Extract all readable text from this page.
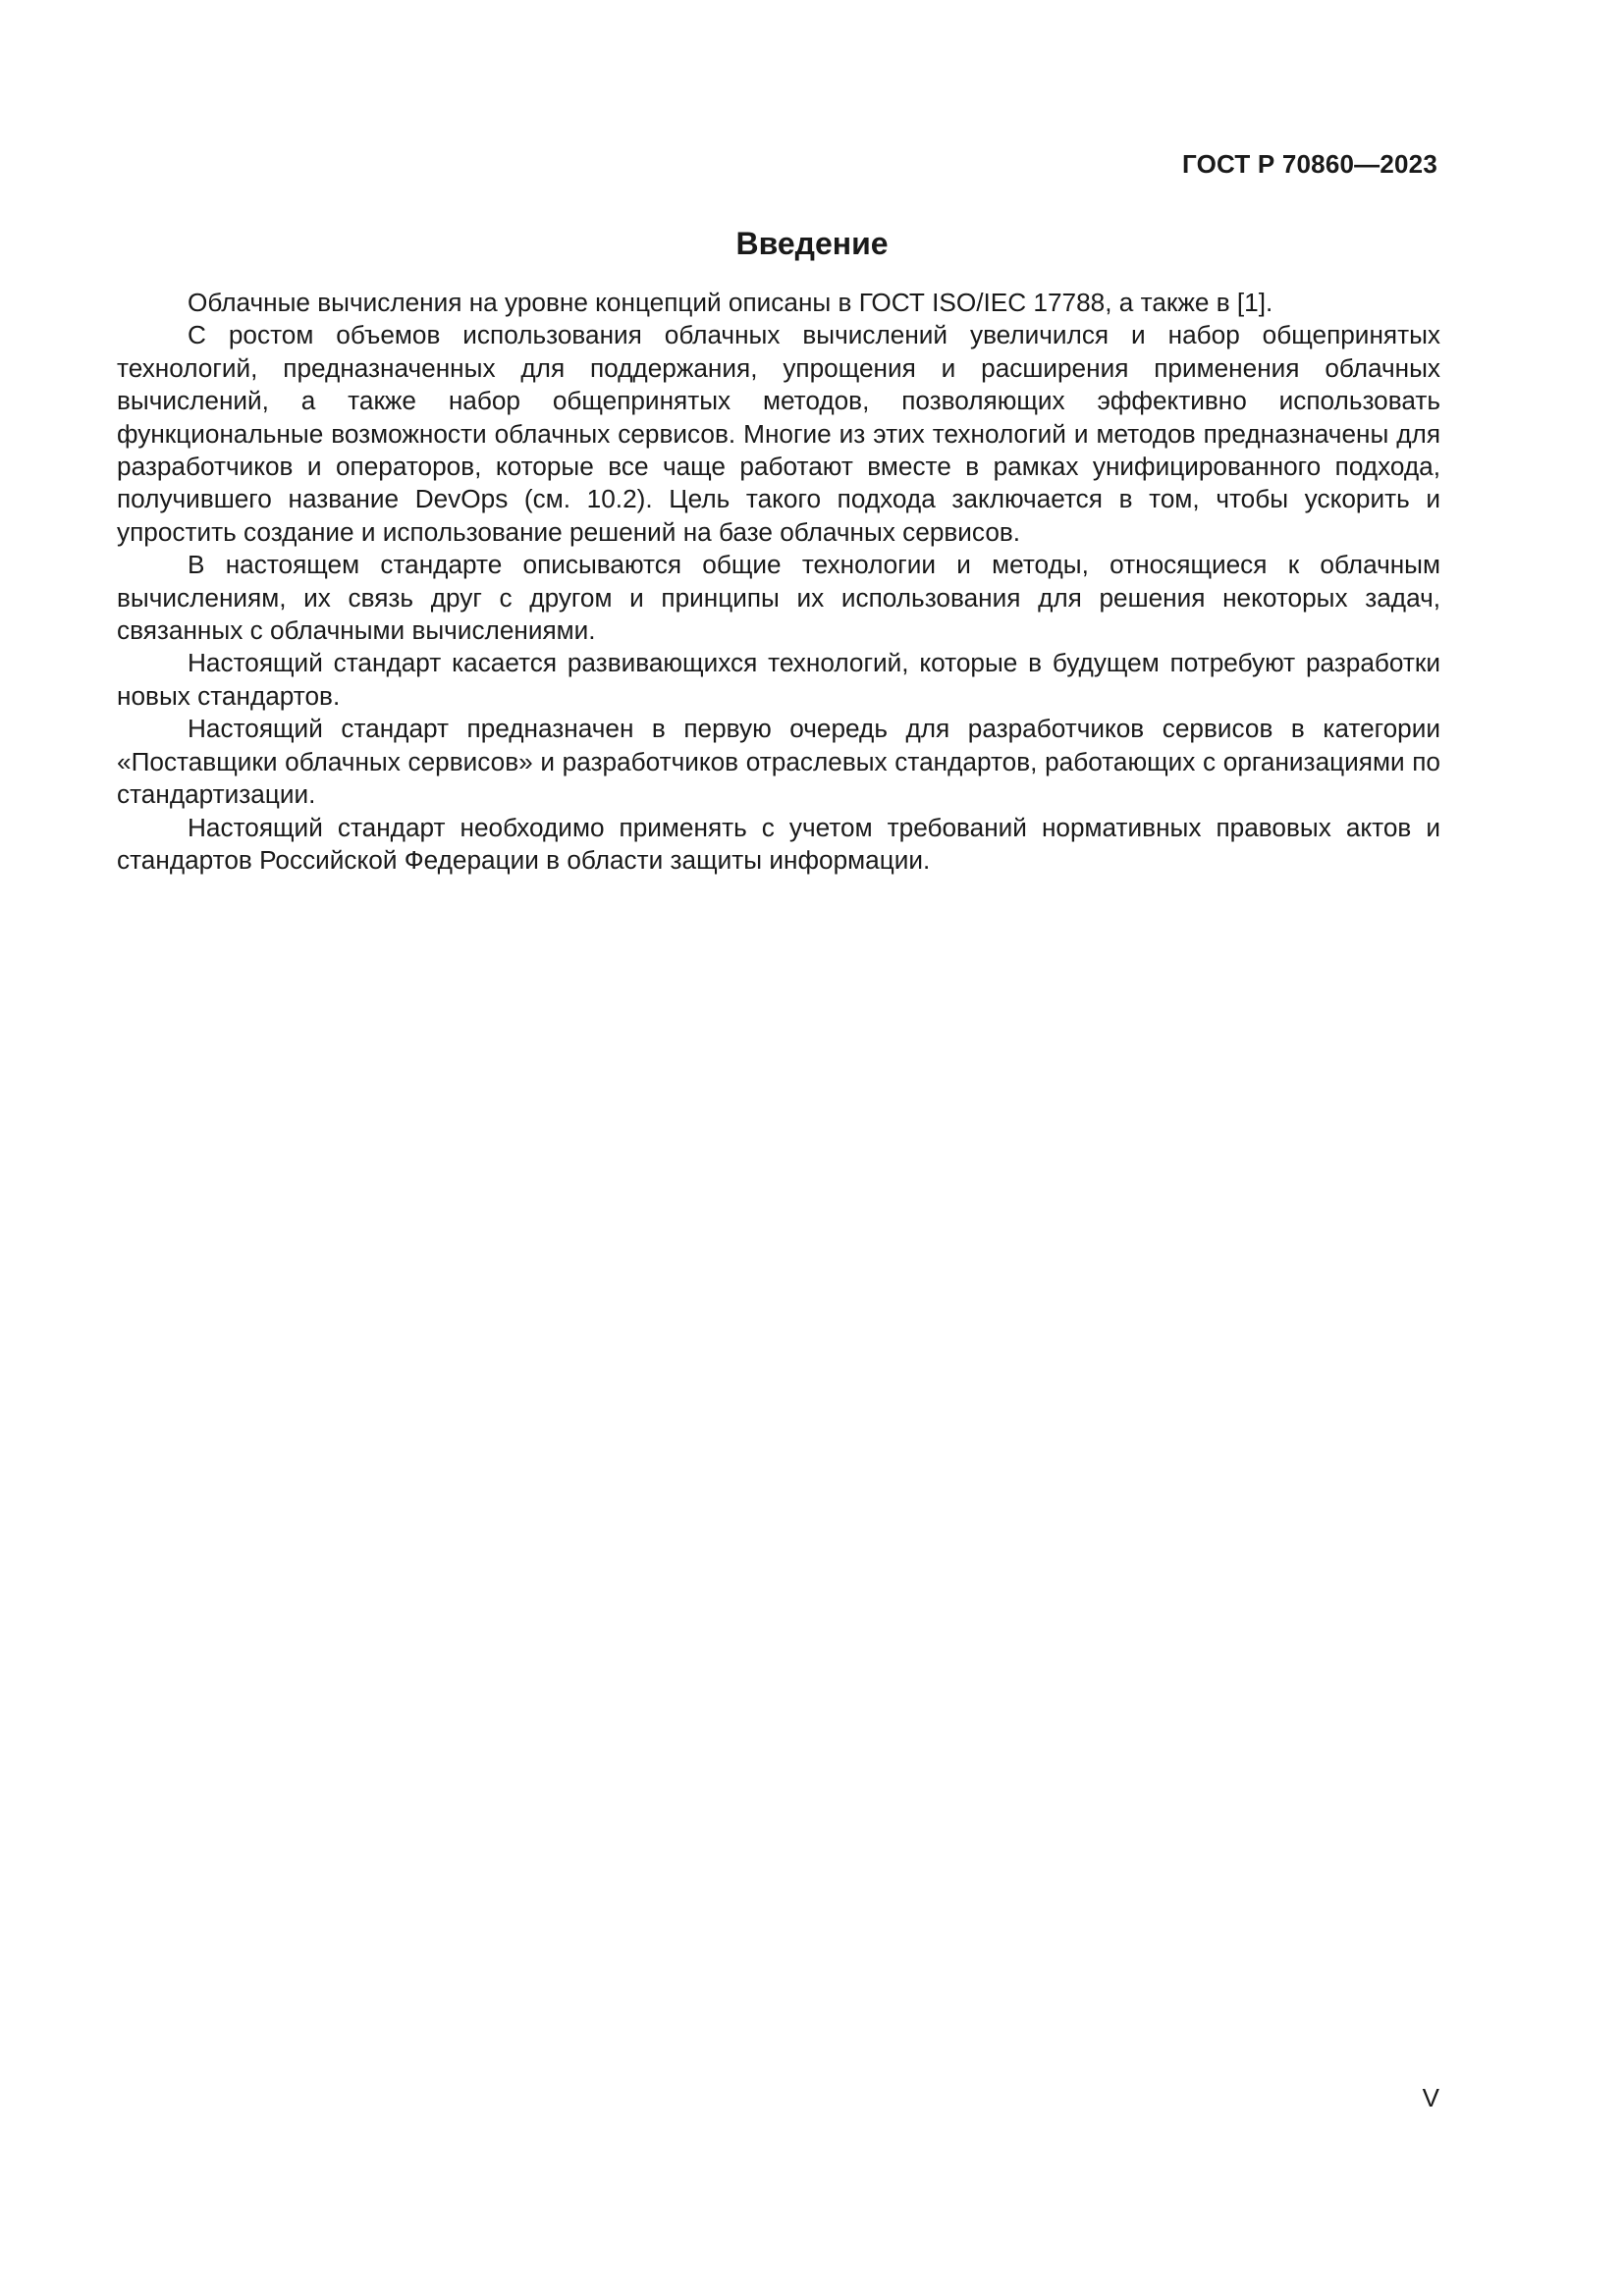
ГОСТ Р 70860—2023
Введение

Облачные вычисления на уровне концепций описаны в ГОСТ ISO/IEC 17788, а также в [1].

С ростом объемов использования облачных вычислений увеличился и набор общепринятых технологий, предназначенных для поддержания, упрощения и расширения применения облачных вычислений, а также набор общепринятых методов, позволяющих эффективно использовать функциональные возможности облачных сервисов. Многие из этих технологий и методов предназначены для разработчиков и операторов, которые все чаще работают вместе в рамках унифицированного подхода, получившего название DevOps (см. 10.2). Цель такого подхода заключается в том, чтобы ускорить и упростить создание и использование решений на базе облачных сервисов.

В настоящем стандарте описываются общие технологии и методы, относящиеся к облачным вычислениям, их связь друг с другом и принципы их использования для решения некоторых задач, связанных с облачными вычислениями.

Настоящий стандарт касается развивающихся технологий, которые в будущем потребуют разработки новых стандартов.

Настоящий стандарт предназначен в первую очередь для разработчиков сервисов в категории «Поставщики облачных сервисов» и разработчиков отраслевых стандартов, работающих с организациями по стандартизации.

Настоящий стандарт необходимо применять с учетом требований нормативных правовых актов и стандартов Российской Федерации в области защиты информации.

V
